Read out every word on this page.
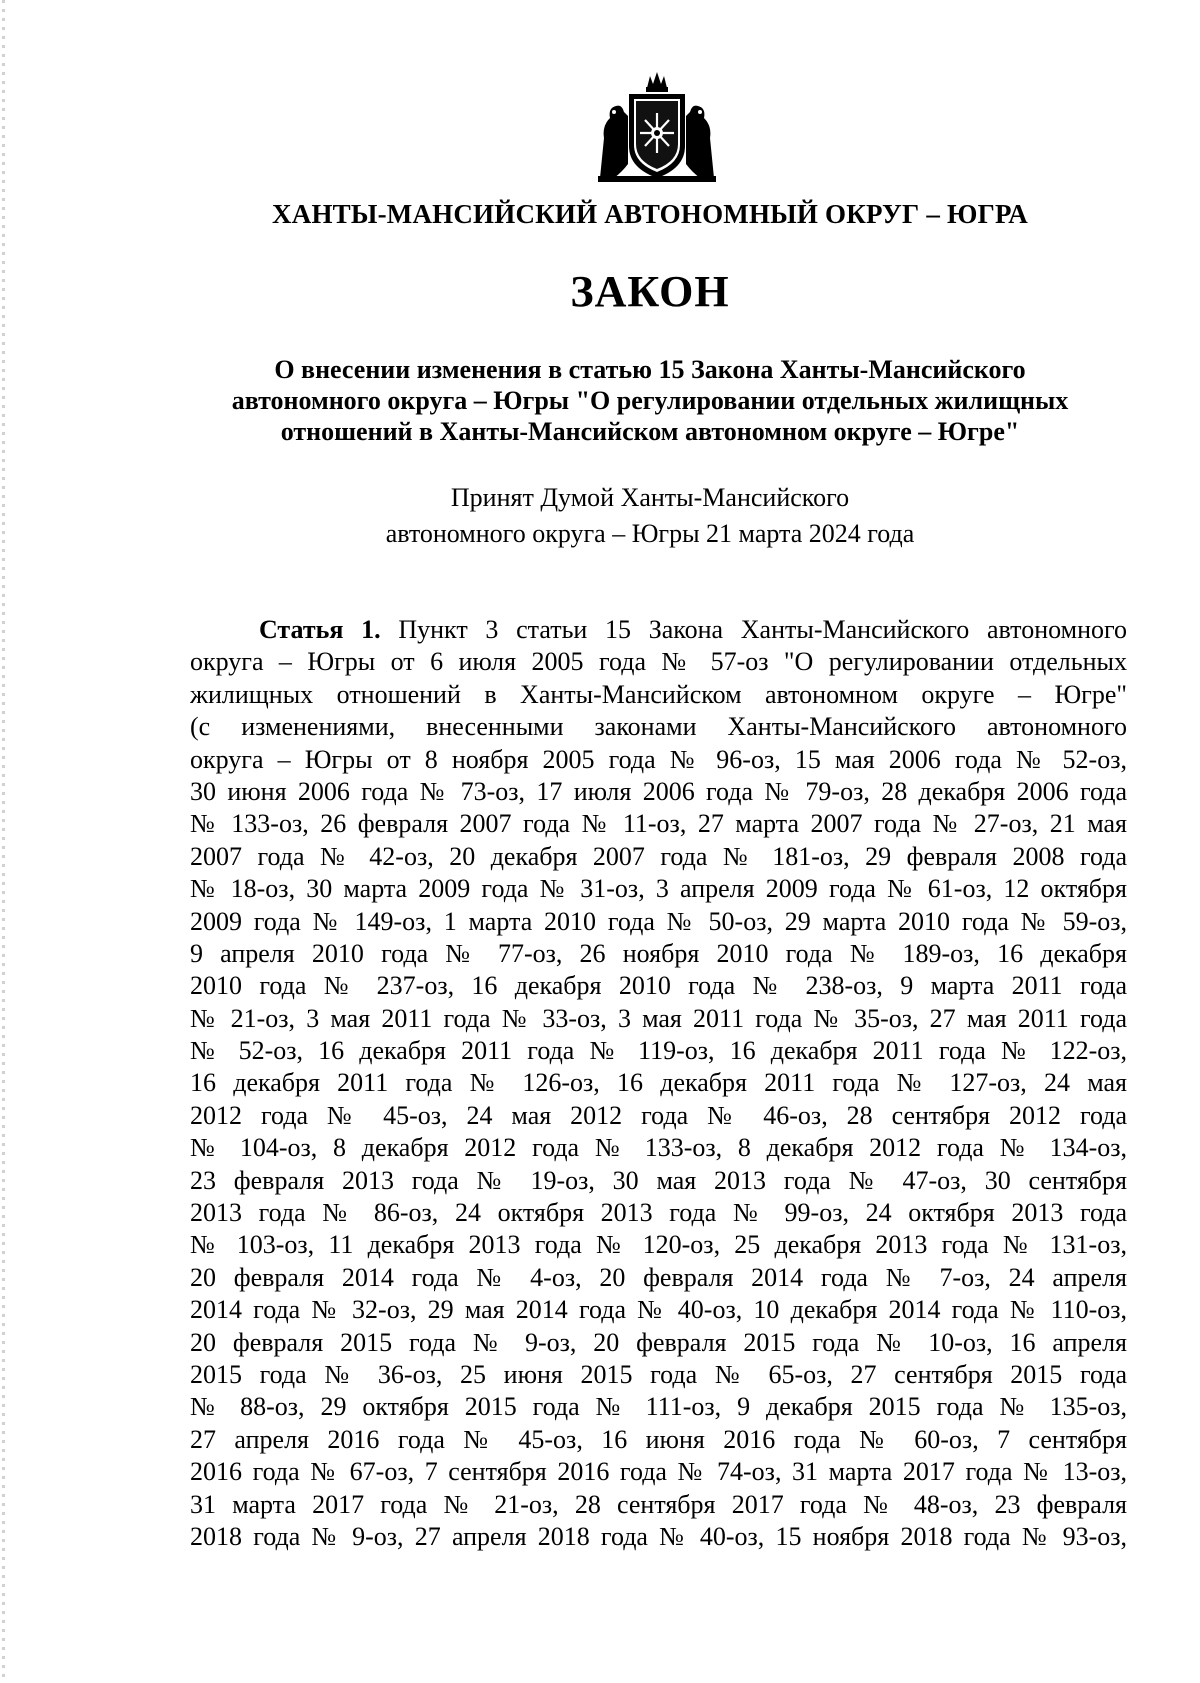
ХАНТЫ-МАНСИЙСКИЙ АВТОНОМНЫЙ ОКРУГ – ЮГРА
ЗАКОН
О внесении изменения в статью 15 Закона Ханты-Мансийского
автономного округа – Югры "О регулировании отдельных жилищных
отношений в Ханты-Мансийском автономном округе – Югре"
Принят Думой Ханты-Мансийского
автономного округа – Югры 21 марта 2024 года
Статья 1. Пункт 3 статьи 15 Закона Ханты-Мансийского автономного
округа – Югры от 6 июля 2005 года № 57-оз "О регулировании отдельных
жилищных отношений в Ханты-Мансийском автономном округе – Югре"
(с изменениями, внесенными законами Ханты-Мансийского автономного
округа – Югры от 8 ноября 2005 года № 96-оз, 15 мая 2006 года № 52-оз,
30 июня 2006 года № 73-оз, 17 июля 2006 года № 79-оз, 28 декабря 2006 года
№ 133-оз, 26 февраля 2007 года № 11-оз, 27 марта 2007 года № 27-оз, 21 мая
2007 года № 42-оз, 20 декабря 2007 года № 181-оз, 29 февраля 2008 года
№ 18-оз, 30 марта 2009 года № 31-оз, 3 апреля 2009 года № 61-оз, 12 октября
2009 года № 149-оз, 1 марта 2010 года № 50-оз, 29 марта 2010 года № 59-оз,
9 апреля 2010 года № 77-оз, 26 ноября 2010 года № 189-оз, 16 декабря
2010 года № 237-оз, 16 декабря 2010 года № 238-оз, 9 марта 2011 года
№ 21-оз, 3 мая 2011 года № 33-оз, 3 мая 2011 года № 35-оз, 27 мая 2011 года
№ 52-оз, 16 декабря 2011 года № 119-оз, 16 декабря 2011 года № 122-оз,
16 декабря 2011 года № 126-оз, 16 декабря 2011 года № 127-оз, 24 мая
2012 года № 45-оз, 24 мая 2012 года № 46-оз, 28 сентября 2012 года
№ 104-оз, 8 декабря 2012 года № 133-оз, 8 декабря 2012 года № 134-оз,
23 февраля 2013 года № 19-оз, 30 мая 2013 года № 47-оз, 30 сентября
2013 года № 86-оз, 24 октября 2013 года № 99-оз, 24 октября 2013 года
№ 103-оз, 11 декабря 2013 года № 120-оз, 25 декабря 2013 года № 131-оз,
20 февраля 2014 года № 4-оз, 20 февраля 2014 года № 7-оз, 24 апреля
2014 года № 32-оз, 29 мая 2014 года № 40-оз, 10 декабря 2014 года № 110-оз,
20 февраля 2015 года № 9-оз, 20 февраля 2015 года № 10-оз, 16 апреля
2015 года № 36-оз, 25 июня 2015 года № 65-оз, 27 сентября 2015 года
№ 88-оз, 29 октября 2015 года № 111-оз, 9 декабря 2015 года № 135-оз,
27 апреля 2016 года № 45-оз, 16 июня 2016 года № 60-оз, 7 сентября
2016 года № 67-оз, 7 сентября 2016 года № 74-оз, 31 марта 2017 года № 13-оз,
31 марта 2017 года № 21-оз, 28 сентября 2017 года № 48-оз, 23 февраля
2018 года № 9-оз, 27 апреля 2018 года № 40-оз, 15 ноября 2018 года № 93-оз,
